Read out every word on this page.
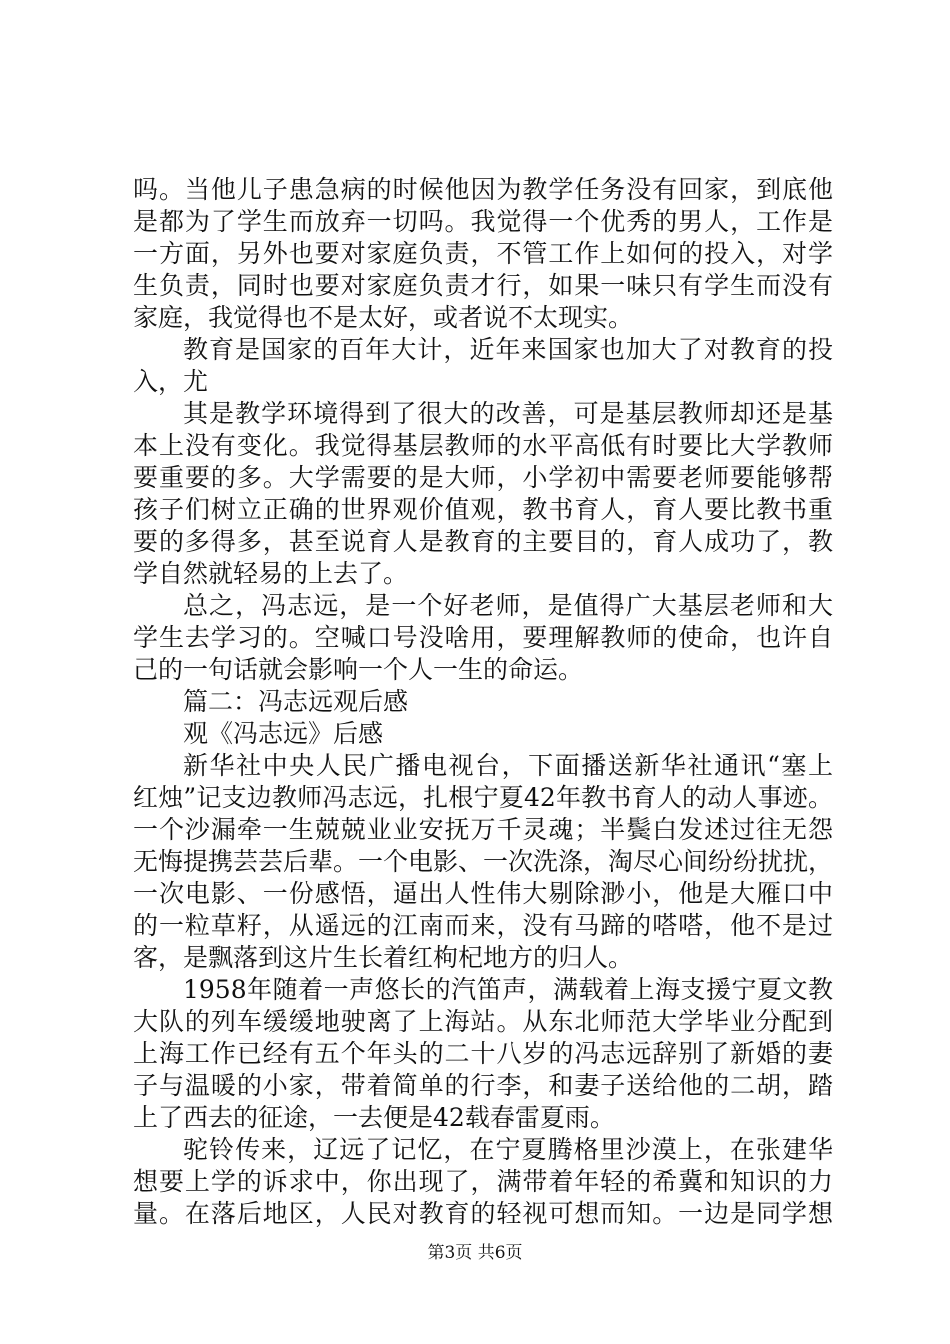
吗。当他儿子患急病的时候他因为教学任务没有回家，到底他
是都为了学生而放弃一切吗。我觉得一个优秀的男人，工作是
一方面，另外也要对家庭负责，不管工作上如何的投入，对学
生负责，同时也要对家庭负责才行，如果一味只有学生而没有
家庭，我觉得也不是太好，或者说不太现实。
教育是国家的百年大计，近年来国家也加大了对教育的投
入，尤
其是教学环境得到了很大的改善，可是基层教师却还是基
本上没有变化。我觉得基层教师的水平高低有时要比大学教师
要重要的多。大学需要的是大师，小学初中需要老师要能够帮
孩子们树立正确的世界观价值观，教书育人，育人要比教书重
要的多得多，甚至说育人是教育的主要目的，育人成功了，教
学自然就轻易的上去了。
总之，冯志远，是一个好老师，是值得广大基层老师和大
学生去学习的。空喊口号没啥用，要理解教师的使命，也许自
己的一句话就会影响一个人一生的命运。
篇二：冯志远观后感
观《冯志远》后感
新华社中央人民广播电视台，下面播送新华社通讯“塞上
红烛”记支边教师冯志远，扎根宁夏42年教书育人的动人事迹。
一个沙漏牵一生兢兢业业安抚万千灵魂；半鬓白发述过往无怨
无悔提携芸芸后辈。一个电影、一次洗涤，淘尽心间纷纷扰扰，
一次电影、一份感悟，逼出人性伟大剔除渺小，他是大雁口中
的一粒草籽，从遥远的江南而来，没有马蹄的嗒嗒，他不是过
客，是飘落到这片生长着红枸杞地方的归人。
1958年随着一声悠长的汽笛声，满载着上海支援宁夏文教
大队的列车缓缓地驶离了上海站。从东北师范大学毕业分配到
上海工作已经有五个年头的二十八岁的冯志远辞别了新婚的妻
子与温暖的小家，带着简单的行李，和妻子送给他的二胡，踏
上了西去的征途，一去便是42载春雷夏雨。
驼铃传来，辽远了记忆，在宁夏腾格里沙漠上，在张建华
想要上学的诉求中，你出现了，满带着年轻的希冀和知识的力
量。在落后地区，人民对教育的轻视可想而知。一边是同学想
第3页 共6页
